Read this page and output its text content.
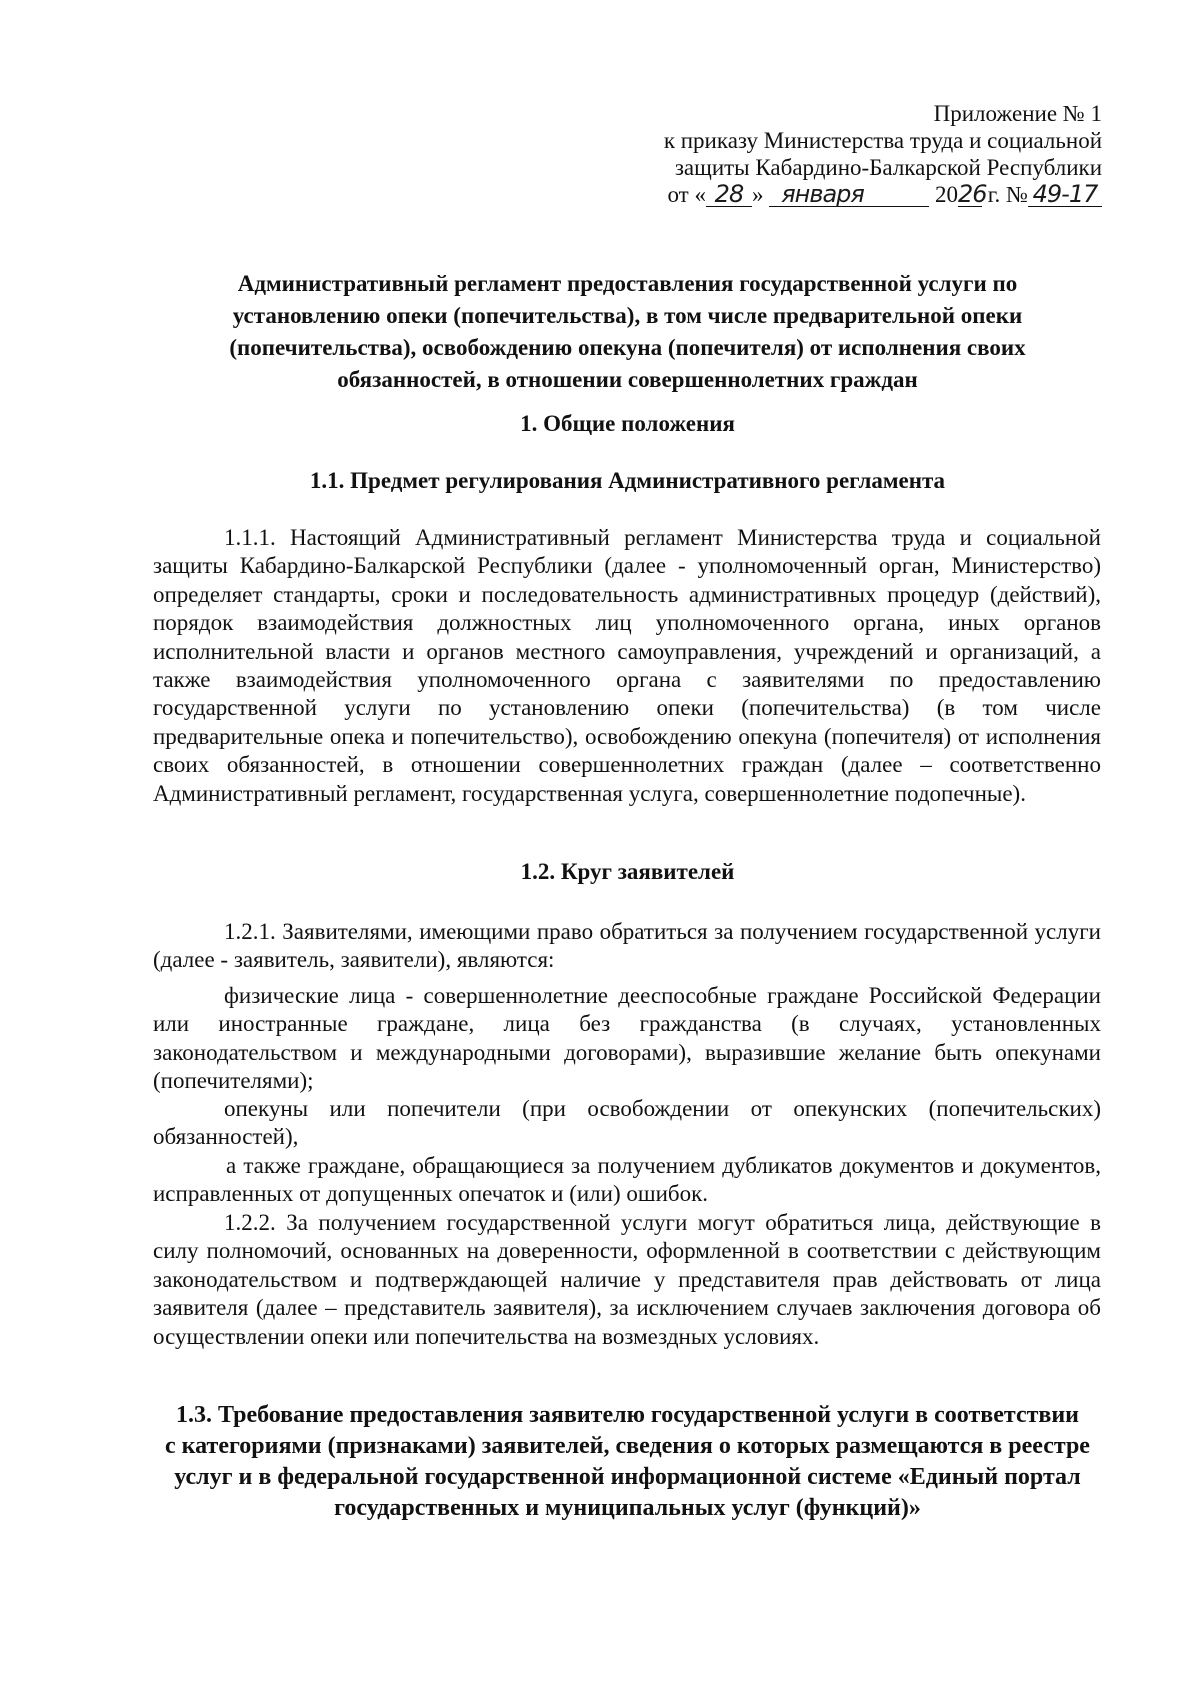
Приложение № 1
к приказу Министерства труда и социальной
защиты Кабардино-Балкарской Республики
от « 28 » января	2026 г. № 49-17
Административный регламент предоставления государственной услуги по
установлению опеки (попечительства), в том числе предварительной опеки
(попечительства), освобождению опекуна (попечителя) от исполнения своих
обязанностей, в отношении совершеннолетних граждан
1. Общие положения
1.1. Предмет регулирования Административного регламента

1.1.1. Настоящий Административный регламент Министерства труда и социальной защиты Кабардино-Балкарской Республики (далее - уполномоченный орган, Министерство) определяет стандарты, сроки и последовательность административных процедур (действий), порядок взаимодействия должностных лиц уполномоченного органа, иных органов исполнительной власти и органов местного самоуправления, учреждений и организаций, а также взаимодействия уполномоченного органа с заявителями по предоставлению государственной услуги по установлению опеки (попечительства) (в том числе предварительные опека и попечительство), освобождению опекуна (попечителя) от исполнения своих обязанностей, в отношении совершеннолетних граждан (далее – соответственно Административный регламент, государственная услуга, совершеннолетние подопечные).

1.2. Круг заявителей

1.2.1. Заявителями, имеющими право обратиться за получением государственной услуги (далее - заявитель, заявители), являются:

физические лица - совершеннолетние дееспособные граждане Российской Федерации или иностранные граждане, лица без гражданства (в случаях, установленных законодательством и международными договорами), выразившие желание быть опекунами (попечителями);

опекуны или попечители (при освобождении от опекунских (попечительских) обязанностей),

а также граждане, обращающиеся за получением дубликатов документов и документов, исправленных от допущенных опечаток и (или) ошибок.

1.2.2. За получением государственной услуги могут обратиться лица, действующие в силу полномочий, основанных на доверенности, оформленной в соответствии с действующим законодательством и подтверждающей наличие у представителя прав действовать от лица заявителя (далее – представитель заявителя), за исключением случаев заключения договора об осуществлении опеки или попечительства на возмездных условиях.

1.3. Требование предоставления заявителю государственной услуги в соответствии
с категориями (признаками) заявителей, сведения о которых размещаются в реестре
услуг и в федеральной государственной информационной системе «Единый портал
государственных и муниципальных услуг (функций)»
